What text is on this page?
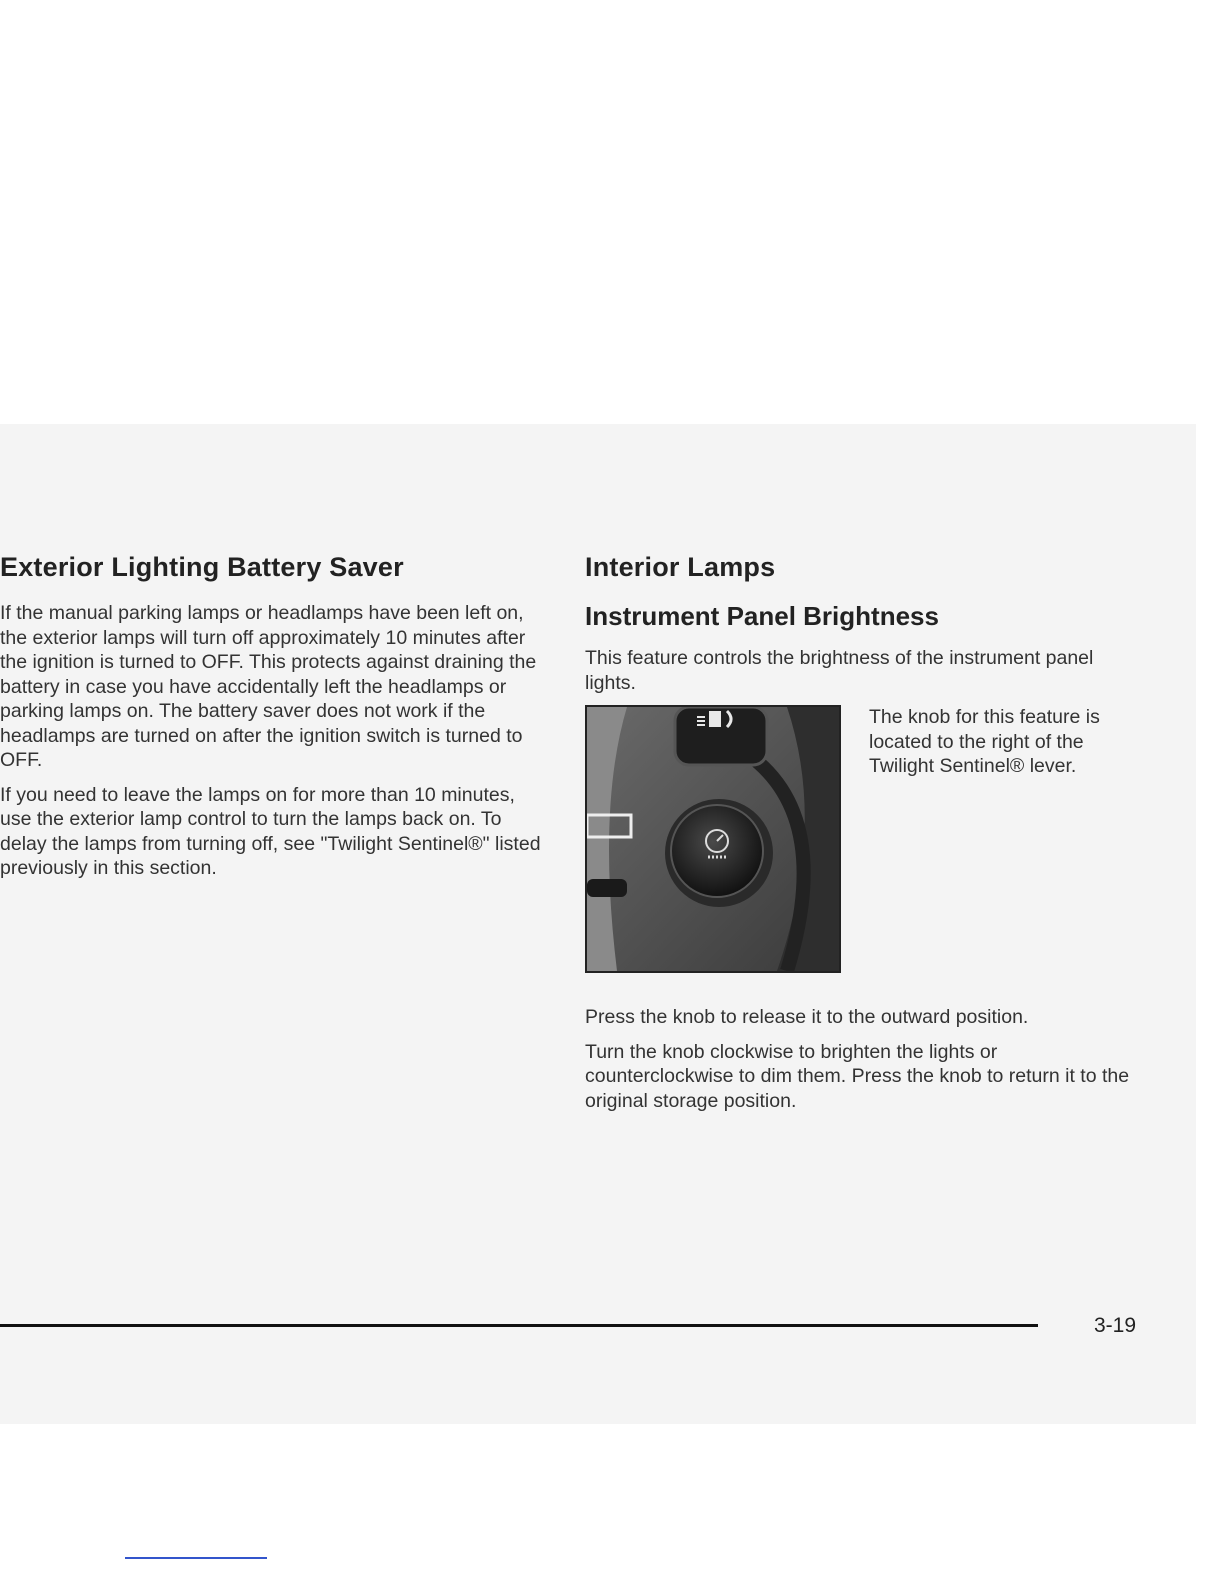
Exterior Lighting Battery Saver

If the manual parking lamps or headlamps have been left on, the exterior lamps will turn off approximately 10 minutes after the ignition is turned to OFF. This protects against draining the battery in case you have accidentally left the headlamps or parking lamps on. The battery saver does not work if the headlamps are turned on after the ignition switch is turned to OFF.

If you need to leave the lamps on for more than 10 minutes, use the exterior lamp control to turn the lamps back on. To delay the lamps from turning off, see "Twilight Sentinel®" listed previously in this section.

Interior Lamps
Instrument Panel Brightness

This feature controls the brightness of the instrument panel lights.

The knob for this feature is located to the right of the Twilight Sentinel® lever.

Press the knob to release it to the outward position.

Turn the knob clockwise to brighten the lights or counterclockwise to dim them. Press the knob to return it to the original storage position.

3-19
